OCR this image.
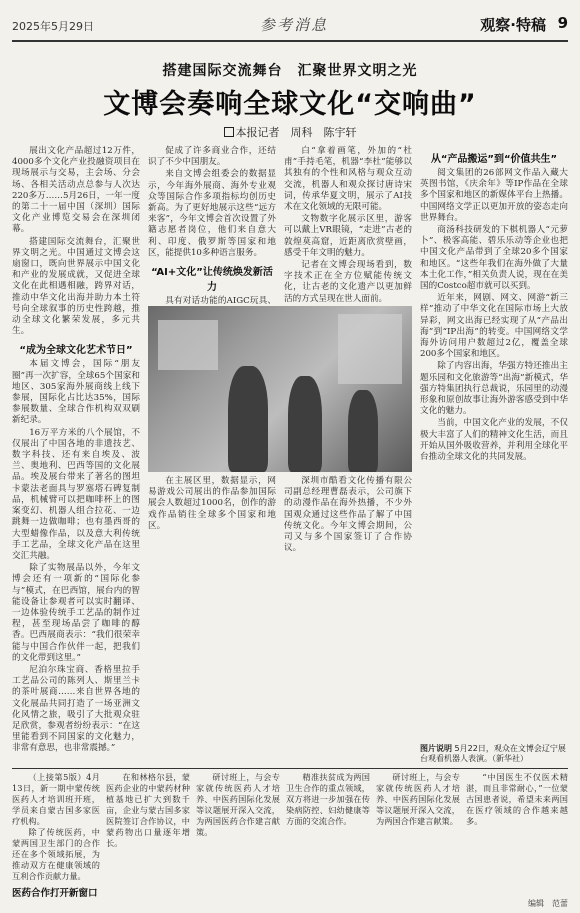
2025年5月29日	参考消息	观察·特稿 9
搭建国际交流舞台　汇聚世界文明之光
文博会奏响全球文化“交响曲”
本报记者　周科　陈宇轩

展出文化产品超过12万件，4000多个文化产业投融资项目在现场展示与交易，主会场、分会场、各相关活动点总参与人次达220多万……5月26日，一年一度的第二十一届中国（深圳）国际文化产业博览交易会在深圳闭幕。

搭建国际交流舞台，汇聚世界文明之光。中国通过文博会这扇窗口，既向世界展示中国文化和产业的发展成就，又促进全球文化在此相遇相融，跨界对话，推动中华文化出海并助力本土符号向全球叙事的历史性跨越，推动全球文化繁荣发展，多元共生。

“成为全球文化艺术节日”

本届文博会，国际“朋友圈”再一次扩容，全球65个国家和地区、305家海外展商线上线下参展，国际化占比达35%，国际参展数量、全球合作机构双双刷新纪录。

16万平方米的八个展馆，不仅展出了中国各地的非遗技艺、数字科技、还有来自埃及、波兰、奥地利、巴西等国的文化展品。埃及展台带来了著名的图坦卡蒙法老面具与罗塞塔石碑复制品，机械臂可以把咖啡杯上的图案变幻、机器人组合拉花、一边跳舞一边做咖啡；也有墨西哥的大型蜡像作品，以及意大利传统手工艺品，全球文化产品在这里交汇共融。

除了实物展品以外，今年文博会还有一项新的“国际化参与”模式，在巴西馆，展台内的智能设备让参观者可以实时翻译、一边体验传统手工艺品的制作过程，甚至现场品尝了咖啡的醇香。巴西展商表示：“我们很荣幸能与中国合作伙伴一起，把我们的文化带到这里。”

尼泊尔珠宝商、香格里拉手工艺品公司的陈列人、斯里兰卡的茶叶展商……来自世界各地的文化展品共同打造了一场亚洲文化风情之旅，吸引了大批观众驻足欣赏，参观者纷纷表示：“在这里能看到不同国家的文化魅力，非常有意思，也非常震撼。”

促成了许多商业合作，还结识了不少中国朋友。

来自文博会组委会的数据显示，今年海外展商、海外专业观众等国际合作多项指标均创历史新高。为了更好地展示这些“远方来客”，今年文博会首次设置了外籍志愿者岗位，他们来自意大利、印度、俄罗斯等国家和地区，能提供10多种语言服务。

“AI+文化”让传统焕发新活力

具有对话功能的AIGC玩具、

白“拿着画笔，外加的“杜甫”手持毛笔，机器“李杜”能够以其独有的个性和风格与观众互动交流，机器人和观众探讨唐诗宋词，传承华夏文明，展示了AI技术在文化领域的无限可能。

文物数字化展示区里，游客可以戴上VR眼镜，“走进”古老的敦煌莫高窟，近距离欣赏壁画，感受千年文明的魅力。

记者在文博会现场看到，数字技术正在全方位赋能传统文化，让古老的文化遗产以更加鲜活的方式呈现在世人面前。

在主展区里，数据显示，网易游戏公司展出的作品参加国际展会人数超过1000名，创作的游戏作品销往全球多个国家和地区。

深圳市酷看文化传播有限公司副总经理曹磊表示，公司旗下的动漫作品在海外热播，不少外国观众通过这些作品了解了中国传统文化。今年文博会期间，公司又与多个国家签订了合作协议。

从“产品搬运”到“价值共生”

阅文集团的26部网文作品入藏大英图书馆，《庆余年》等IP作品在全球多个国家和地区的新媒体平台上热播。中国网络文学正以更加开放的姿态走向世界舞台。

商汤科技研发的下棋机器人“元萝卜”、极客高能、碧乐乐动等企业也把中国文化产品带到了全球20多个国家和地区。“这些年我们在海外做了大量本土化工作，”相关负责人说，现在在美国的Costco超市就可以买到。

近年来，网剧、网文、网游“新三样”推动了中华文化在国际市场上大放异彩，网文出海已经实现了从“产品出海”到“IP出海”的转变。中国网络文学海外访问用户数超过2亿，覆盖全球200多个国家和地区。

除了内容出海，华强方特还推出主题乐园和文化旅游等“出海”新模式，华强方特集团执行总裁说，乐园里的动漫形象和原创故事让海外游客感受到中华文化的魅力。

当前，中国文化产业的发展，不仅极大丰富了人们的精神文化生活，而且开始从国外吸收营养，并利用全球化平台推动全球文化的共同发展。

图片说明 5月22日，观众在文博会辽宁展台观看机器人表演。（新华社）

（上接第5版）4月13日，新一期中蒙传统医药人才培训班开班，学员来自蒙古国多家医疗机构。

除了传统医药，中蒙两国卫生部门的合作还在多个领域拓展，为推动双方在健康领域的互利合作贡献力量。

医药合作打开新窗口

在和林格尔县，蒙医药企业的中蒙药材种植基地已扩大到数千亩，企业与蒙古国多家医院签订合作协议，中蒙药物出口量逐年增长。

研讨班上，与会专家就传统医药人才培养、中医药国际化发展等议题展开深入交流，为两国医药合作建言献策。

精准扶贫成为两国卫生合作的重点领域，双方将进一步加强在传染病防控、妇幼健康等方面的交流合作。

研讨班上，与会专家就传统医药人才培养、中医药国际化发展等议题展开深入交流，为两国合作建言献策。

“中国医生不仅医术精湛，而且非常耐心，”一位蒙古国患者说，希望未来两国在医疗领域的合作越来越多。

编辑　范蕾
